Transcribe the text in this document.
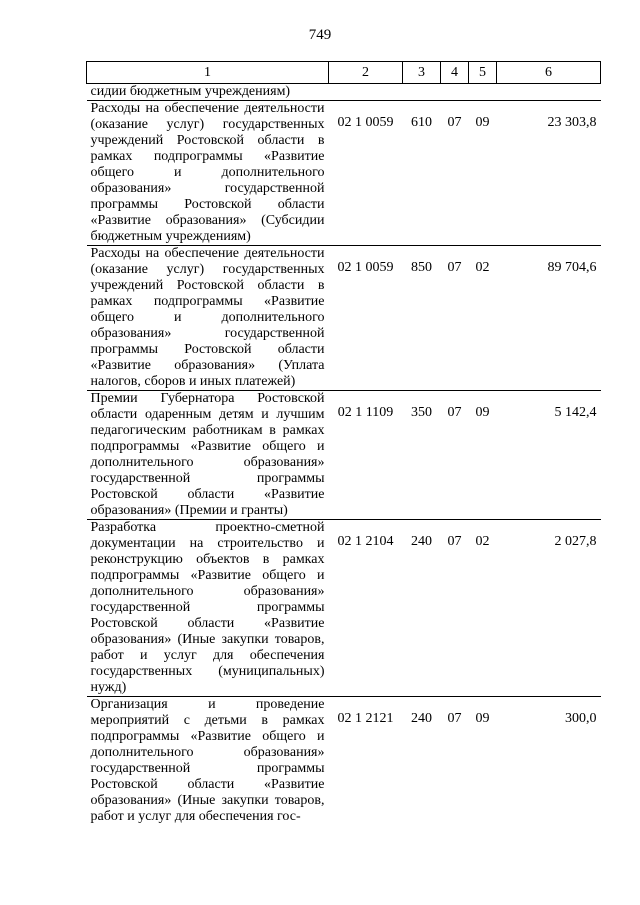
749
1	2	3	4	5	6
сидии бюджетным учреждениям)					
Расходы на обеспечение деятельности (оказание услуг) государственных учреждений Ростовской области в рамках подпрограммы «Развитие общего и дополнительного образования» государственной программы Ростовской области «Развитие образования» (Субсидии бюджетным учреждениям)	02 1 0059	610	07	09	23 303,8
Расходы на обеспечение деятельности (оказание услуг) государственных учреждений Ростовской области в рамках подпрограммы «Развитие общего и дополнительного образования» государственной программы Ростовской области «Развитие образования» (Уплата налогов, сборов и иных платежей)	02 1 0059	850	07	02	89 704,6
Премии Губернатора Ростовской области одаренным детям и лучшим педагогическим работникам в рамках подпрограммы «Развитие общего и дополнительного образования» государственной программы Ростовской области «Развитие образования» (Премии и гранты)	02 1 1109	350	07	09	5 142,4
Разработка проектно-сметной документации на строительство и реконструкцию объектов в рамках подпрограммы «Развитие общего и дополнительного образования» государственной программы Ростовской области «Развитие образования» (Иные закупки товаров, работ и услуг для обеспечения государственных (муниципальных) нужд)	02 1 2104	240	07	02	2 027,8
Организация и проведение мероприятий с детьми в рамках подпрограммы «Развитие общего и дополнительного образования» государственной программы Ростовской области «Развитие образования» (Иные закупки товаров, работ и услуг для обеспечения гос-	02 1 2121	240	07	09	300,0
